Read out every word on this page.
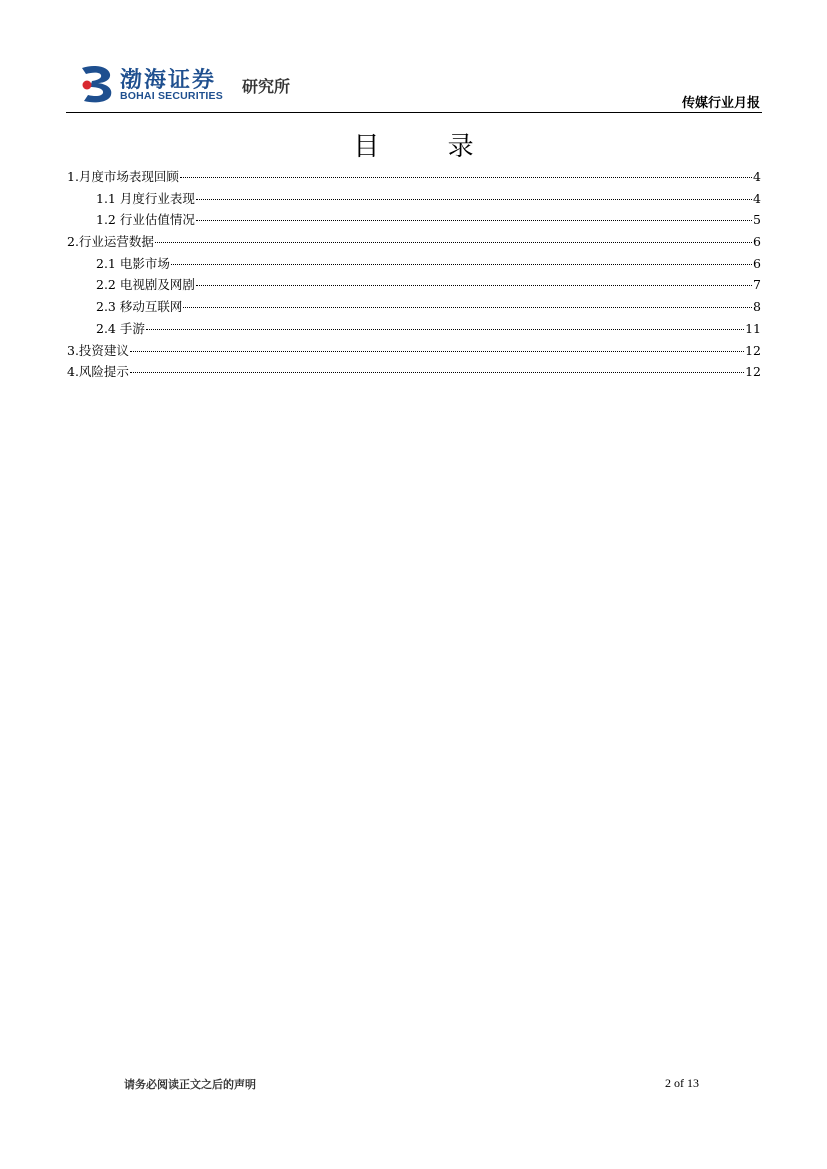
渤海证券
BOHAI SECURITIES 研究所
传媒行业月报
目 录
1.月度市场表现回顾	4
1.1 月度行业表现	4
1.2 行业估值情况	5
2.行业运营数据	6
2.1 电影市场	6
2.2 电视剧及网剧	7
2.3 移动互联网	8
2.4 手游	11
3.投资建议	12
4.风险提示	12
请务必阅读正文之后的声明	2 of 13
